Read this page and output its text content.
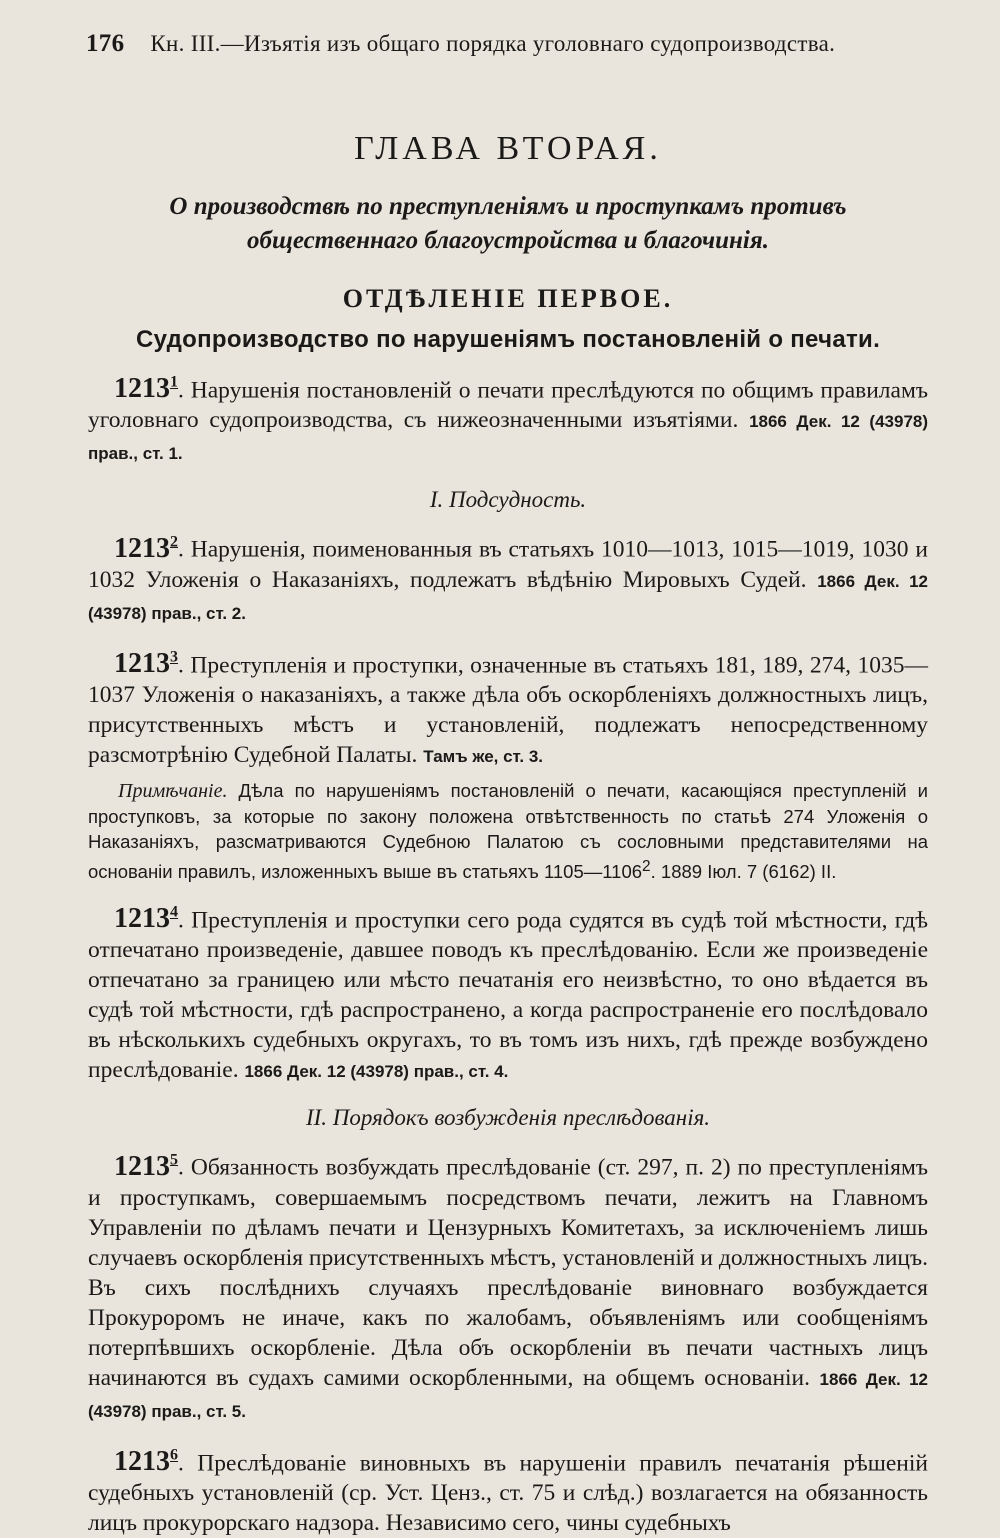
176 Кн. III.—Изъятія изъ общаго порядка уголовнаго судопроизводства.
ГЛАВА ВТОРАЯ.
О производствѣ по преступленіямъ и проступкамъ противъ общественнаго благоустройства и благочинія.
ОТДѢЛЕНІЕ ПЕРВОЕ.
Судопроизводство по нарушеніямъ постановленій о печати.
1213$^1$. Нарушенія постановленій о печати преслѣдуются по общимъ правиламъ уголовнаго судопроизводства, съ нижеозначенными изъятіями. 1866 Дек. 12 (43978) прав., ст. 1.
I. Подсудность.
1213$^2$. Нарушенія, поименованныя въ статьяхъ 1010—1013, 1015—1019, 1030 и 1032 Уложенія о Наказаніяхъ, подлежатъ вѣдѣнію Мировыхъ Судей. 1866 Дек. 12 (43978) прав., ст. 2.
1213$^3$. Преступленія и проступки, означенные въ статьяхъ 181, 189, 274, 1035—1037 Уложенія о наказаніяхъ, а также дѣла объ оскорбленіяхъ должностныхъ лицъ, присутственныхъ мѣстъ и установленій, подлежатъ непосредственному разсмотрѣнію Судебной Палаты. Тамъ же, ст. 3.
Примѣчаніе. Дѣла по нарушеніямъ постановленій о печати, касающіяся преступленій и проступковъ, за которые по закону положена отвѣтственность по статьѣ 274 Уложенія о Наказаніяхъ, разсматриваются Судебною Палатою съ сословными представителями на основаніи правилъ, изложенныхъ выше въ статьяхъ 1105—1106$^2$. 1889 Іюл. 7 (6162) II.
1213$^4$. Преступленія и проступки сего рода судятся въ судѣ той мѣстности, гдѣ отпечатано произведеніе, давшее поводъ къ преслѣдованію. Если же произведеніе отпечатано за границею или мѣсто печатанія его неизвѣстно, то оно вѣдается въ судѣ той мѣстности, гдѣ распространено, а когда распространеніе его послѣдовало въ нѣсколькихъ судебныхъ округахъ, то въ томъ изъ нихъ, гдѣ прежде возбуждено преслѣдованіе. 1866 Дек. 12 (43978) прав., ст. 4.
II. Порядокъ возбужденія преслѣдованія.
1213$^5$. Обязанность возбуждать преслѣдованіе (ст. 297, п. 2) по преступленіямъ и проступкамъ, совершаемымъ посредствомъ печати, лежитъ на Главномъ Управленіи по дѣламъ печати и Цензурныхъ Комитетахъ, за исключеніемъ лишь случаевъ оскорбленія присутственныхъ мѣстъ, установленій и должностныхъ лицъ. Въ сихъ послѣднихъ случаяхъ преслѣдованіе виновнаго возбуждается Прокуроромъ не иначе, какъ по жалобамъ, объявленіямъ или сообщеніямъ потерпѣвшихъ оскорбленіе. Дѣла объ оскорбленіи въ печати частныхъ лицъ начинаются въ судахъ самими оскорбленными, на общемъ основаніи. 1866 Дек. 12 (43978) прав., ст. 5.
1213$^6$. Преслѣдованіе виновныхъ въ нарушеніи правилъ печатанія рѣшеній судебныхъ установленій (ср. Уст. Ценз., ст. 75 и слѣд.) возлагается на обязанность лицъ прокурорскаго надзора. Независимо сего, чины судебныхъ
